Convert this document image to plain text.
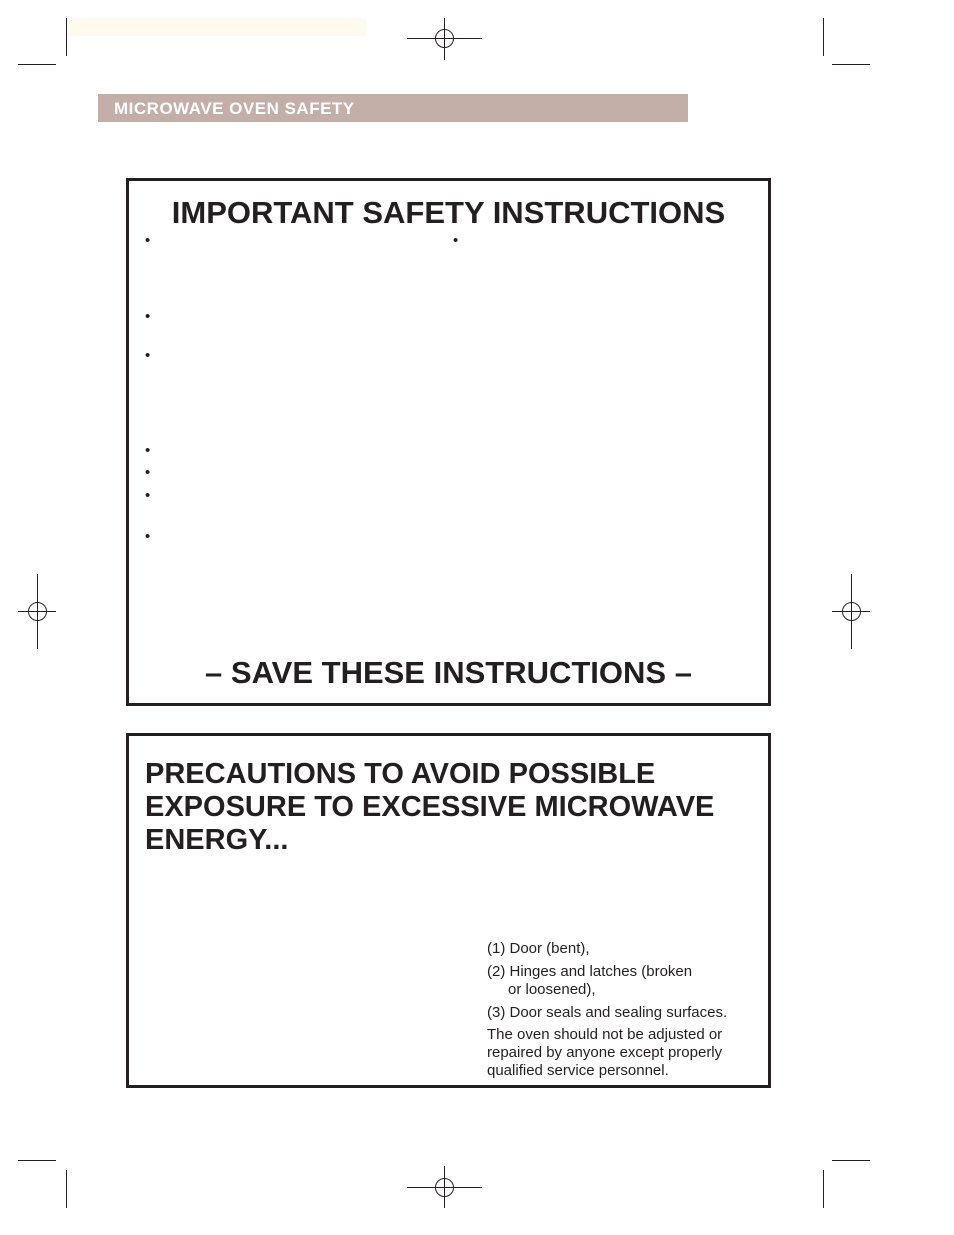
MICROWAVE OVEN SAFETY
IMPORTANT SAFETY INSTRUCTIONS
•	•
•
•
•
•
•
•
– SAVE THESE INSTRUCTIONS –
PRECAUTIONS TO AVOID POSSIBLE
EXPOSURE TO EXCESSIVE MICROWAVE
ENERGY...
(1) Door (bent),
(2) Hinges and latches (broken
or loosened),
(3) Door seals and sealing surfaces.
The oven should not be adjusted or
repaired by anyone except properly
qualified service personnel.
